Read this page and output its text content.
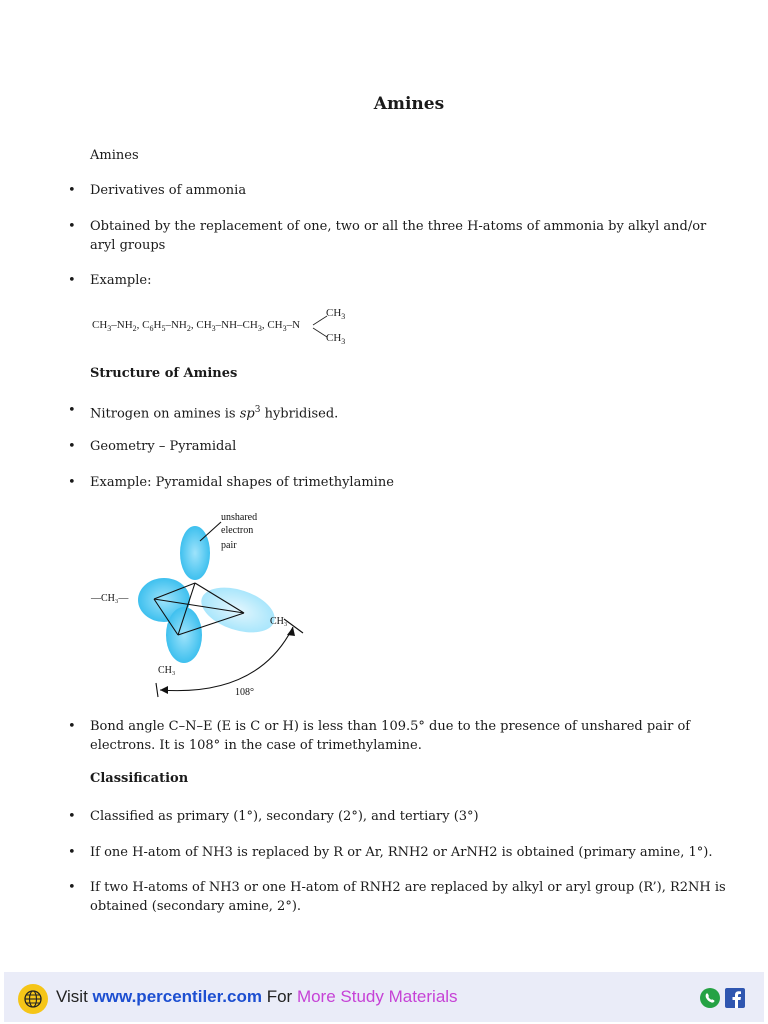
Amines
Amines
• Derivatives of ammonia
• Obtained by the replacement of one, two or all the three H-atoms of ammonia by alkyl and/or aryl groups
• Example:
$CH_3-NH_2$, $C_6H_5-NH_2$, $CH_3-NH-CH_3$, $CH_3-N$
$CH_3$
$CH_3$
Structure of Amines
• Nitrogen on amines is $sp^3$ hybridised.
• Geometry – Pyramidal
• Example: Pyramidal shapes of trimethylamine
unshared
electron
pair
—CH₃—
CH₃
CH₃
108°
• Bond angle C–N–E (E is C or H) is less than 109.5° due to the presence of unshared pair of electrons. It is 108° in the case of trimethylamine.
Classification
• Classified as primary (1°), secondary (2°), and tertiary (3°)
• If one H-atom of NH3 is replaced by R or Ar, RNH2 or ArNH2 is obtained (primary amine, 1°).
• If two H-atoms of NH3 or one H-atom of RNH2 are replaced by alkyl or aryl group (R’), R2NH is obtained (secondary amine, 2°).
Visit www.percentiler.com For More Study Materials
